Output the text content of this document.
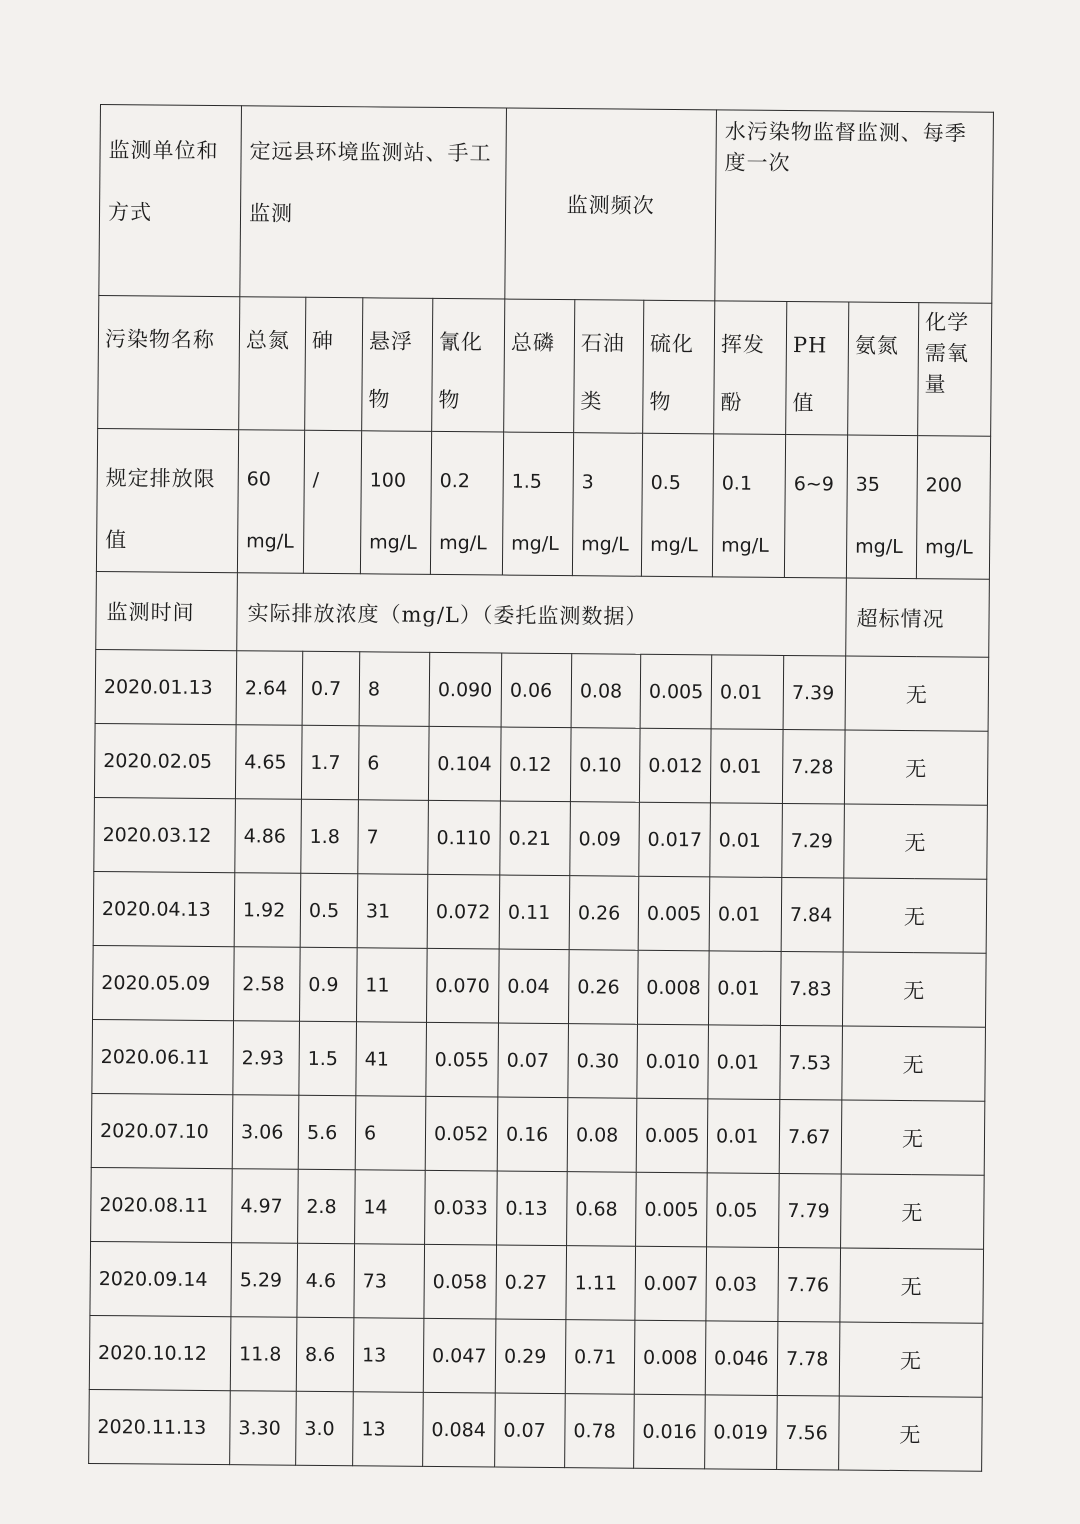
监测单位和方式	定远县环境监测站、手工监测				监测频次			水污染物监督监测、每季度一次			
污染物名称	总氮	砷	悬浮物	氰化物	总磷	石油类	硫化物	挥发酚	PH值	氨氮	化学需氧量
规定排放限值	60 mg/L	/	100 mg/L	0.2 mg/L	1.5 mg/L	3 mg/L	0.5 mg/L	0.1 mg/L	6~9	35 mg/L	200 mg/L
监测时间	实际排放浓度（mg/L）（委托监测数据）									超标情况	
2020.01.13	2.64	0.7	8	0.090	0.06	0.08	0.005	0.01	7.39	无	
2020.02.05	4.65	1.7	6	0.104	0.12	0.10	0.012	0.01	7.28	无	
2020.03.12	4.86	1.8	7	0.110	0.21	0.09	0.017	0.01	7.29	无	
2020.04.13	1.92	0.5	31	0.072	0.11	0.26	0.005	0.01	7.84	无	
2020.05.09	2.58	0.9	11	0.070	0.04	0.26	0.008	0.01	7.83	无	
2020.06.11	2.93	1.5	41	0.055	0.07	0.30	0.010	0.01	7.53	无	
2020.07.10	3.06	5.6	6	0.052	0.16	0.08	0.005	0.01	7.67	无	
2020.08.11	4.97	2.8	14	0.033	0.13	0.68	0.005	0.05	7.79	无	
2020.09.14	5.29	4.6	73	0.058	0.27	1.11	0.007	0.03	7.76	无	
2020.10.12	11.8	8.6	13	0.047	0.29	0.71	0.008	0.046	7.78	无	
2020.11.13	3.30	3.0	13	0.084	0.07	0.78	0.016	0.019	7.56	无	
